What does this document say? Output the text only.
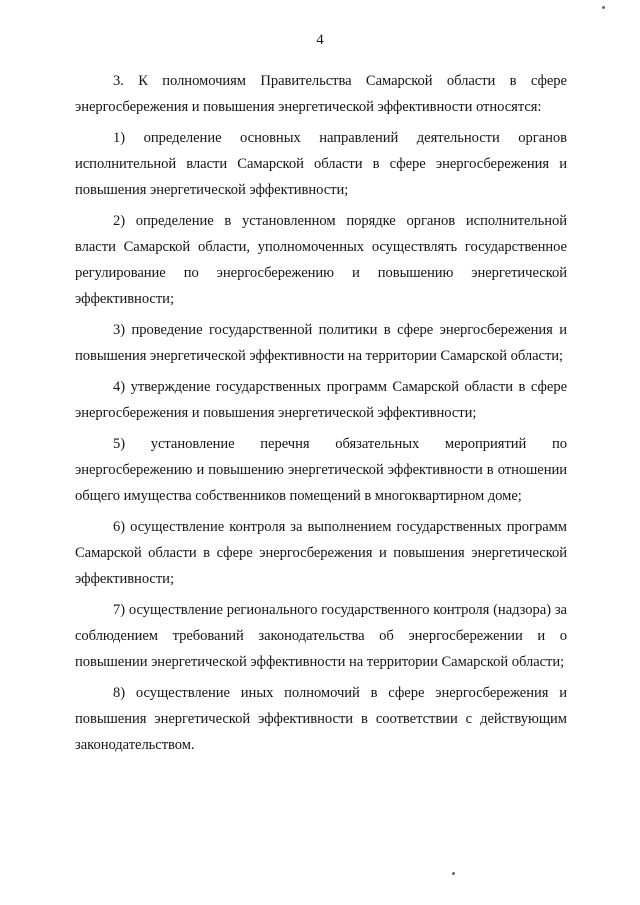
4

3. К полномочиям Правительства Самарской области в сфере энергосбережения и повышения энергетической эффективности относятся:

1) определение основных направлений деятельности органов исполнительной власти Самарской области в сфере энергосбережения и повышения энергетической эффективности;

2) определение в установленном порядке органов исполнительной власти Самарской области, уполномоченных осуществлять государственное регулирование по энергосбережению и повышению энергетической эффективности;

3) проведение государственной политики в сфере энергосбережения и повышения энергетической эффективности на территории Самарской области;

4) утверждение государственных программ Самарской области в сфере энергосбережения и повышения энергетической эффективности;

5) установление перечня обязательных мероприятий по энергосбережению и повышению энергетической эффективности в отношении общего имущества собственников помещений в многоквартирном доме;

6) осуществление контроля за выполнением государственных программ Самарской области в сфере энергосбережения и повышения энергетической эффективности;

7) осуществление регионального государственного контроля (надзора) за соблюдением требований законодательства об энергосбережении и о повышении энергетической эффективности на территории Самарской области;

8) осуществление иных полномочий в сфере энергосбережения и повышения энергетической эффективности в соответствии с действующим законодательством.
